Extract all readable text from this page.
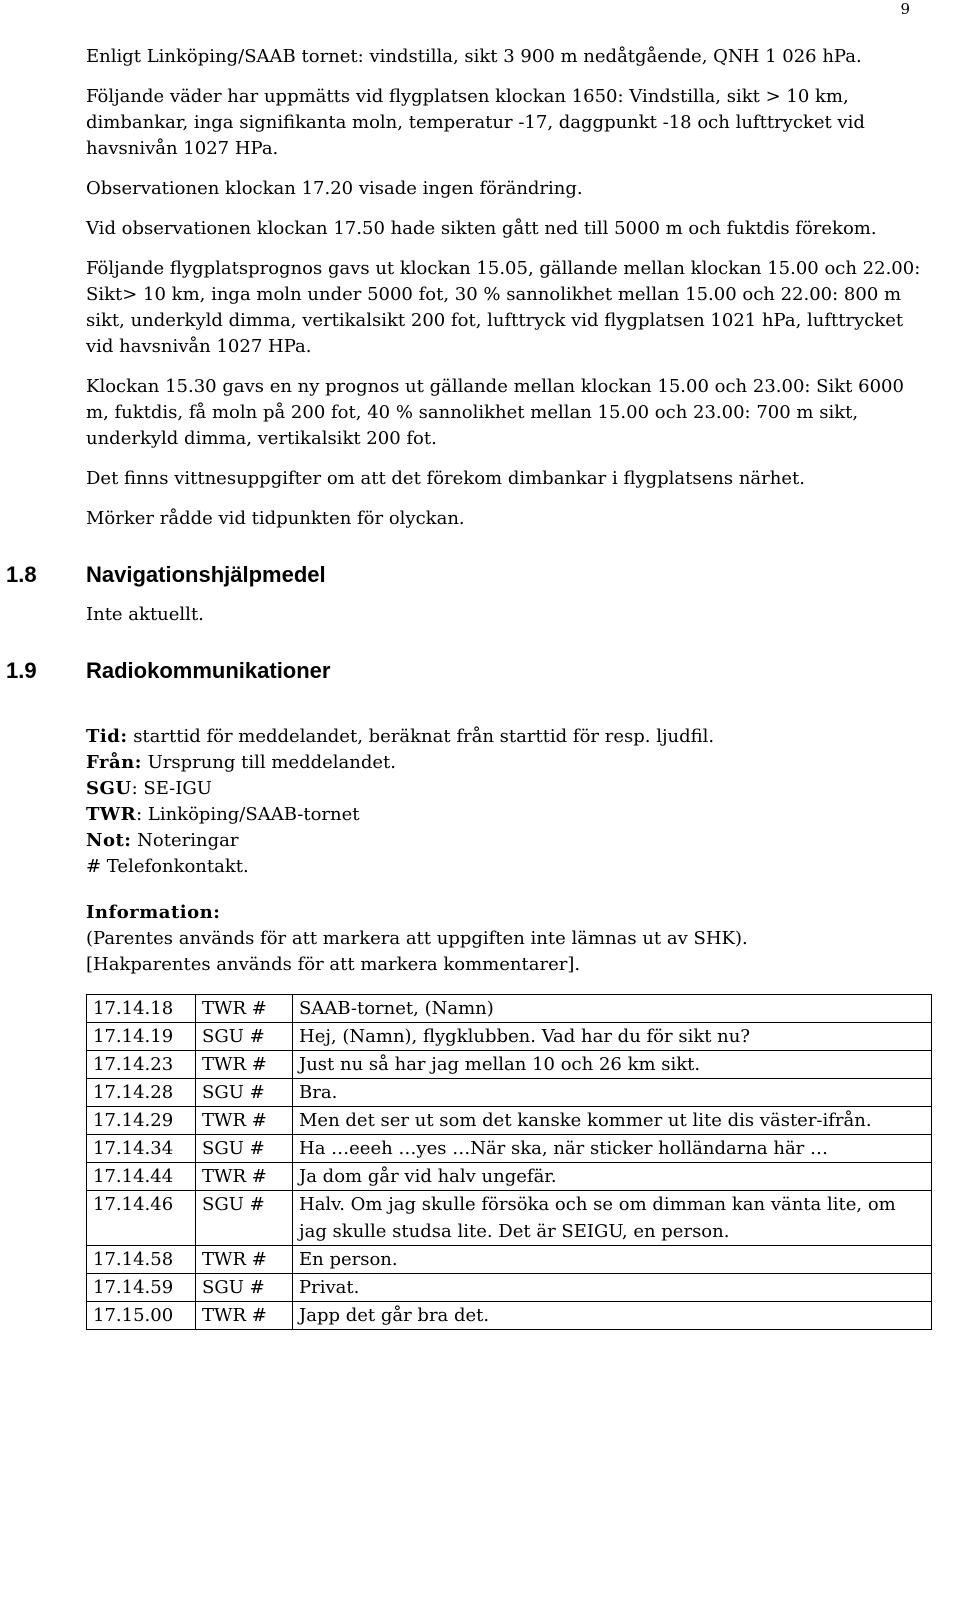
9

Enligt Linköping/SAAB tornet: vindstilla, sikt 3 900 m nedåtgående, QNH 1 026 hPa.

Följande väder har uppmätts vid flygplatsen klockan 1650: Vindstilla, sikt > 10 km, dimbankar, inga signifikanta moln, temperatur -17, daggpunkt -18 och lufttrycket vid havsnivån 1027 HPa.

Observationen klockan 17.20 visade ingen förändring.

Vid observationen klockan 17.50 hade sikten gått ned till 5000 m och fuktdis förekom.

Följande flygplatsprognos gavs ut klockan 15.05, gällande mellan klockan 15.00 och 22.00: Sikt> 10 km, inga moln under 5000 fot, 30 % sannolikhet mellan 15.00 och 22.00: 800 m sikt, underkyld dimma, vertikalsikt 200 fot, lufttryck vid flygplatsen 1021 hPa, lufttrycket vid havsnivån 1027 HPa.

Klockan 15.30 gavs en ny prognos ut gällande mellan klockan 15.00 och 23.00: Sikt 6000 m, fuktdis, få moln på 200 fot, 40 % sannolikhet mellan 15.00 och 23.00: 700 m sikt, underkyld dimma, vertikalsikt 200 fot.

Det finns vittnesuppgifter om att det förekom dimbankar i flygplatsens närhet.

Mörker rådde vid tidpunkten för olyckan.

1.8	Navigationshjälpmedel

Inte aktuellt.

1.9	Radiokommunikationer

Tid: starttid för meddelandet, beräknat från starttid för resp. ljudfil.

Från: Ursprung till meddelandet.

SGU: SE-IGU

TWR: Linköping/SAAB-tornet

Not: Noteringar

# Telefonkontakt.

Information:

(Parentes används för att markera att uppgiften inte lämnas ut av SHK).

[Hakparentes används för att markera kommentarer].

17.14.18	TWR #	SAAB-tornet, (Namn)
17.14.19	SGU #	Hej, (Namn), flygklubben. Vad har du för sikt nu?
17.14.23	TWR #	Just nu så har jag mellan 10 och 26 km sikt.
17.14.28	SGU #	Bra.
17.14.29	TWR #	Men det ser ut som det kanske kommer ut lite dis väster-ifrån.
17.14.34	SGU #	Ha …eeeh …yes …När ska, när sticker holländarna här …
17.14.44	TWR #	Ja dom går vid halv ungefär.
17.14.46	SGU #	Halv. Om jag skulle försöka och se om dimman kan vänta lite, om jag skulle studsa lite. Det är SEIGU, en person.
17.14.58	TWR #	En person.
17.14.59	SGU #	Privat.
17.15.00	TWR #	Japp det går bra det.
